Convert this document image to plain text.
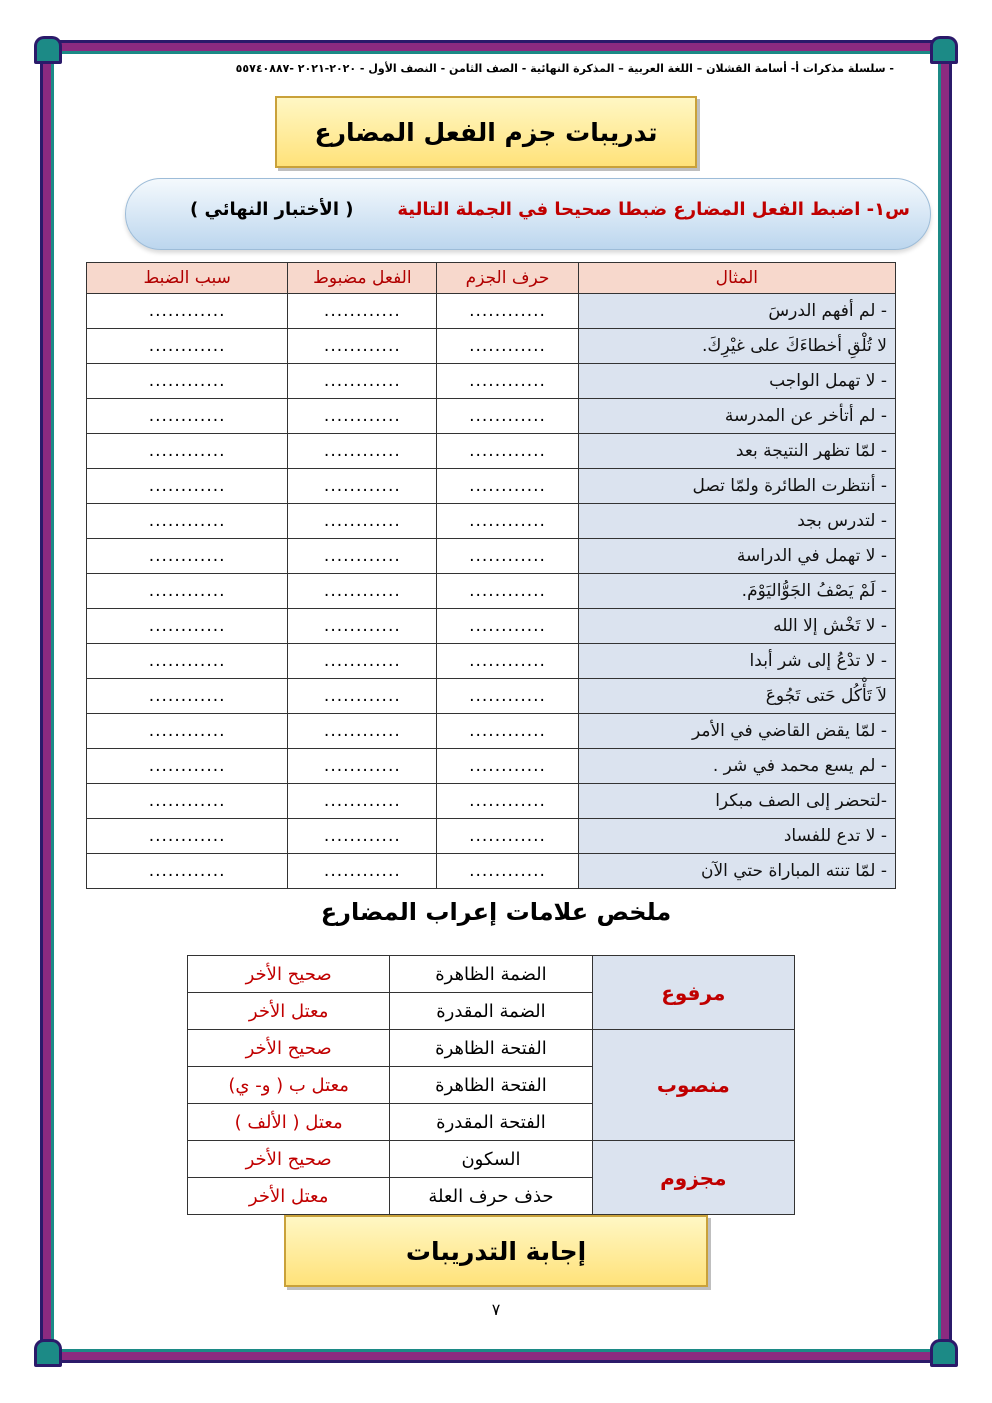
- سلسلة مذكرات أ- أسامة القشلان – اللغة العربية – المذكرة النهائية - الصف الثامن - النصف الأول - ٢٠٢٠-٢٠٢١ -٥٥٧٤٠٨٨٧
تدريبات جزم الفعل المضارع
س١- اضبط الفعل المضارع ضبطا صحيحا في الجملة التالية
( الأختبار النهائي )
المثال	حرف الجزم	الفعل مضبوط	سبب الضبط
- لم أفهم الدرسَ	............	............	............
لا تُلْقِ أخطاءَكَ على غيْرِكَ.	............	............	............
- لا تهمل الواجب	............	............	............
- لم أتأخر عن المدرسة	............	............	............
- لمّا تظهر النتيجة بعد	............	............	............
- أنتظرت الطائرة ولمّا تصل	............	............	............
- لتدرس بجد	............	............	............
- لا تهمل في الدراسة	............	............	............
- لَمْ يَصْفُ الجَوُّاليَوْمَ.	............	............	............
- لا تَخْش إلا الله	............	............	............
- لا تدْعُ إلى شر أبدا	............	............	............
لاَ تَأْكُل حَتى تَجُوعَ	............	............	............
- لمّا يقض القاضي في الأمر	............	............	............
- لم يسع محمد في شر .	............	............	............
-لتحضر إلى الصف مبكرا	............	............	............
- لا تدع للفساد	............	............	............
- لمّا تنته المباراة حتي الآن	............	............	............
ملخص علامات إعراب المضارع
مرفوع	الضمة الظاهرة	صحيح الأخر
	الضمة المقدرة	معتل الأخر
منصوب	الفتحة الظاهرة	صحيح الأخر
	الفتحة الظاهرة	معتل ب ( و- ي)
	الفتحة المقدرة	معتل ( الألف )
مجزوم	السكون	صحيح الأخر
	حذف حرف العلة	معتل الأخر
إجابة التدريبات
٧
